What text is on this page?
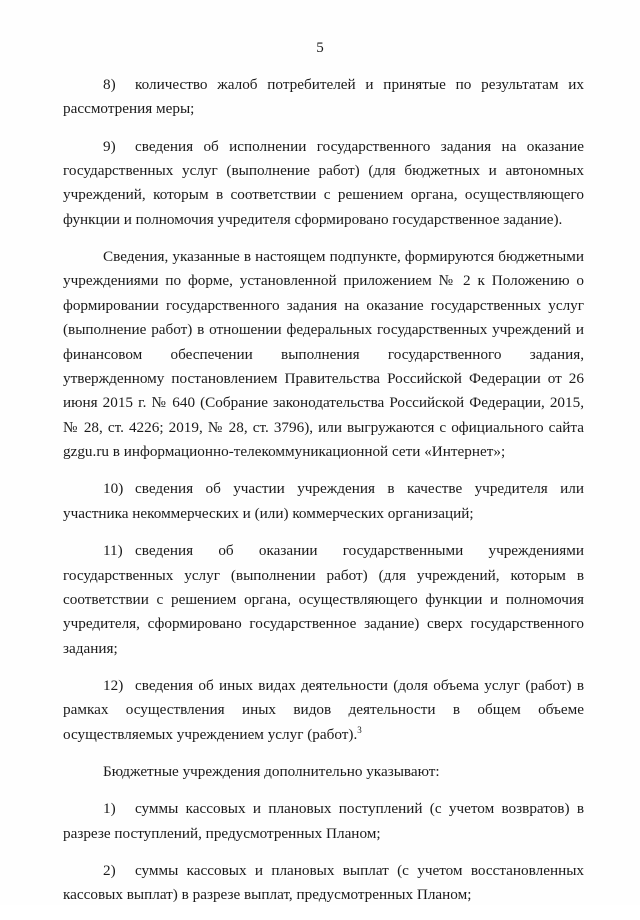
5

8) количество жалоб потребителей и принятые по результатам их рассмотрения меры;

9) сведения об исполнении государственного задания на оказание государственных услуг (выполнение работ) (для бюджетных и автономных учреждений, которым в соответствии с решением органа, осуществляющего функции и полномочия учредителя сформировано государственное задание).

Сведения, указанные в настоящем подпункте, формируются бюджетными учреждениями по форме, установленной приложением № 2 к Положению о формировании государственного задания на оказание государственных услуг (выполнение работ) в отношении федеральных государственных учреждений и финансовом обеспечении выполнения государственного задания, утвержденному постановлением Правительства Российской Федерации от 26 июня 2015 г. № 640 (Собрание законодательства Российской Федерации, 2015, № 28, ст. 4226; 2019, № 28, ст. 3796), или выгружаются с официального сайта gzgu.ru в информационно-телекоммуникационной сети «Интернет»;

10) сведения об участии учреждения в качестве учредителя или участника некоммерческих и (или) коммерческих организаций;

11) сведения об оказании государственными учреждениями государственных услуг (выполнении работ) (для учреждений, которым в соответствии с решением органа, осуществляющего функции и полномочия учредителя, сформировано государственное задание) сверх государственного задания;

12) сведения об иных видах деятельности (доля объема услуг (работ) в рамках осуществления иных видов деятельности в общем объеме осуществляемых учреждением услуг (работ).$^3$

Бюджетные учреждения дополнительно указывают:

1) суммы кассовых и плановых поступлений (с учетом возвратов) в разрезе поступлений, предусмотренных Планом;

2) суммы кассовых и плановых выплат (с учетом восстановленных кассовых выплат) в разрезе выплат, предусмотренных Планом;
